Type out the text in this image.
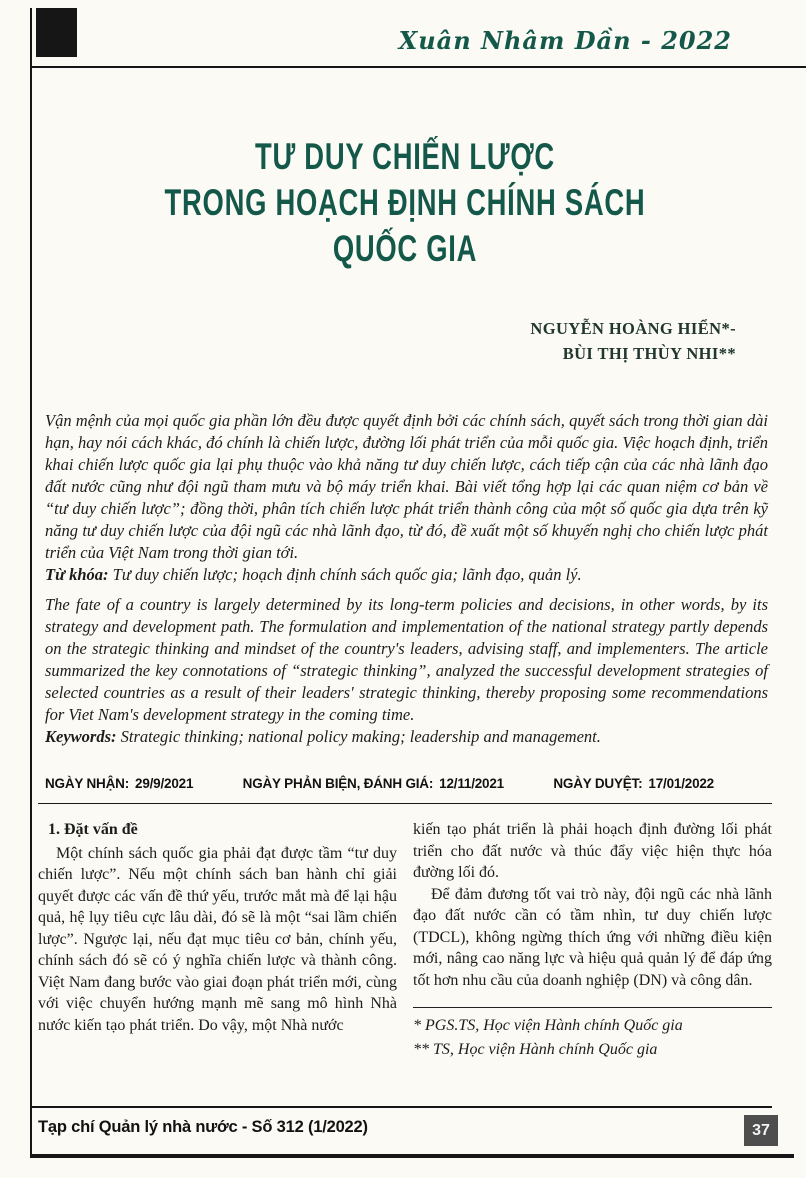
Xuân Nhâm Dần - 2022
TƯ DUY CHIẾN LƯỢC
TRONG HOẠCH ĐỊNH CHÍNH SÁCH QUỐC GIA
NGUYỄN HOÀNG HIỂN*-
BÙI THỊ THÙY NHI**
Vận mệnh của mọi quốc gia phần lớn đều được quyết định bởi các chính sách, quyết sách trong thời gian dài hạn, hay nói cách khác, đó chính là chiến lược, đường lối phát triển của mỗi quốc gia. Việc hoạch định, triển khai chiến lược quốc gia lại phụ thuộc vào khả năng tư duy chiến lược, cách tiếp cận của các nhà lãnh đạo đất nước cũng như đội ngũ tham mưu và bộ máy triển khai. Bài viết tổng hợp lại các quan niệm cơ bản về “tư duy chiến lược”; đồng thời, phân tích chiến lược phát triển thành công của một số quốc gia dựa trên kỹ năng tư duy chiến lược của đội ngũ các nhà lãnh đạo, từ đó, đề xuất một số khuyến nghị cho chiến lược phát triển của Việt Nam trong thời gian tới.
Từ khóa: Tư duy chiến lược; hoạch định chính sách quốc gia; lãnh đạo, quản lý.
The fate of a country is largely determined by its long-term policies and decisions, in other words, by its strategy and development path. The formulation and implementation of the national strategy partly depends on the strategic thinking and mindset of the country's leaders, advising staff, and implementers. The article summarized the key connotations of “strategic thinking”, analyzed the successful development strategies of selected countries as a result of their leaders' strategic thinking, thereby proposing some recommendations for Viet Nam's development strategy in the coming time.
Keywords: Strategic thinking; national policy making; leadership and management.
NGÀY NHẬN: 29/9/2021	NGÀY PHẢN BIỆN, ĐÁNH GIÁ: 12/11/2021	NGÀY DUYỆT: 17/01/2022
1. Đặt vấn đề

Một chính sách quốc gia phải đạt được tầm “tư duy chiến lược”. Nếu một chính sách ban hành chỉ giải quyết được các vấn đề thứ yếu, trước mắt mà để lại hậu quả, hệ lụy tiêu cực lâu dài, đó sẽ là một “sai lầm chiến lược”. Ngược lại, nếu đạt mục tiêu cơ bản, chính yếu, chính sách đó sẽ có ý nghĩa chiến lược và thành công. Việt Nam đang bước vào giai đoạn phát triển mới, cùng với việc chuyển hướng mạnh mẽ sang mô hình Nhà nước kiến tạo phát triển. Do vậy, một Nhà nước

kiến tạo phát triển là phải hoạch định đường lối phát triển cho đất nước và thúc đẩy việc hiện thực hóa đường lối đó.

Để đảm đương tốt vai trò này, đội ngũ các nhà lãnh đạo đất nước cần có tầm nhìn, tư duy chiến lược (TDCL), không ngừng thích ứng với những điều kiện mới, nâng cao năng lực và hiệu quả quản lý để đáp ứng tốt hơn nhu cầu của doanh nghiệp (DN) và công dân.

* PGS.TS, Học viện Hành chính Quốc gia
** TS, Học viện Hành chính Quốc gia
Tạp chí Quản lý nhà nước - Số 312 (1/2022)	37
